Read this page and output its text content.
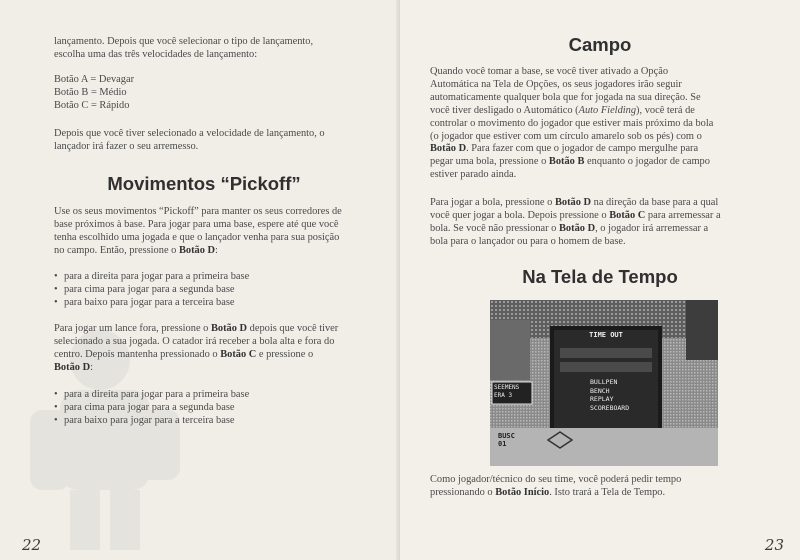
lançamento. Depois que você selecionar o tipo de lançamento,

escolha uma das três velocidades de lançamento:

Botão A = Devagar

Botão B = Médio

Botão C = Rápido

Depois que você tiver selecionado a velocidade de lançamento, o

lançador irá fazer o seu arremesso.

Movimentos “Pickoff”

Use os seus movimentos “Pickoff” para manter os seus corredores de

base próximos à base. Para jogar para uma base, espere até que você

tenha escolhido uma jogada e que o lançador venha para sua posição

no campo. Então, pressione o Botão D:

• para a direita para jogar para a primeira base
• para cima para jogar para a segunda base
• para baixo para jogar para a terceira base

Para jogar um lance fora, pressione o Botão D depois que você tiver

selecionado a sua jogada. O catador irá receber a bola alta e fora do

centro. Depois mantenha pressionado o Botão C e pressione o

Botão D:

• para a direita para jogar para a primeira base
• para cima para jogar para a segunda base
• para baixo para jogar para a terceira base
22
Campo

Quando você tomar a base, se você tiver ativado a Opção

Automática na Tela de Opções, os seus jogadores irão seguir

automaticamente qualquer bola que for jogada na sua direção. Se

você tiver desligado o Automático (Auto Fielding), você terá de

controlar o movimento do jogador que estiver mais próximo da bola

(o jogador que estiver com um círculo amarelo sob os pés) com o

Botão D. Para fazer com que o jogador de campo mergulhe para

pegar uma bola, pressione o Botão B enquanto o jogador de campo

estiver parado ainda.

Para jogar a bola, pressione o Botão D na direção da base para a qual

você quer jogar a bola. Depois pressione o Botão C para arremessar a

bola. Se você não pressionar o Botão D, o jogador irá arremessar a

bola para o lançador ou para o homem de base.

Na Tela de Tempo
TIME OUT
BULLPEN
BENCH
REPLAY
SCOREBOARD
SEEMENS
ERA 3
BUSC
01

Como jogador/técnico do seu time, você poderá pedir tempo

pressionando o Botão Início. Isto trará a Tela de Tempo.

23
